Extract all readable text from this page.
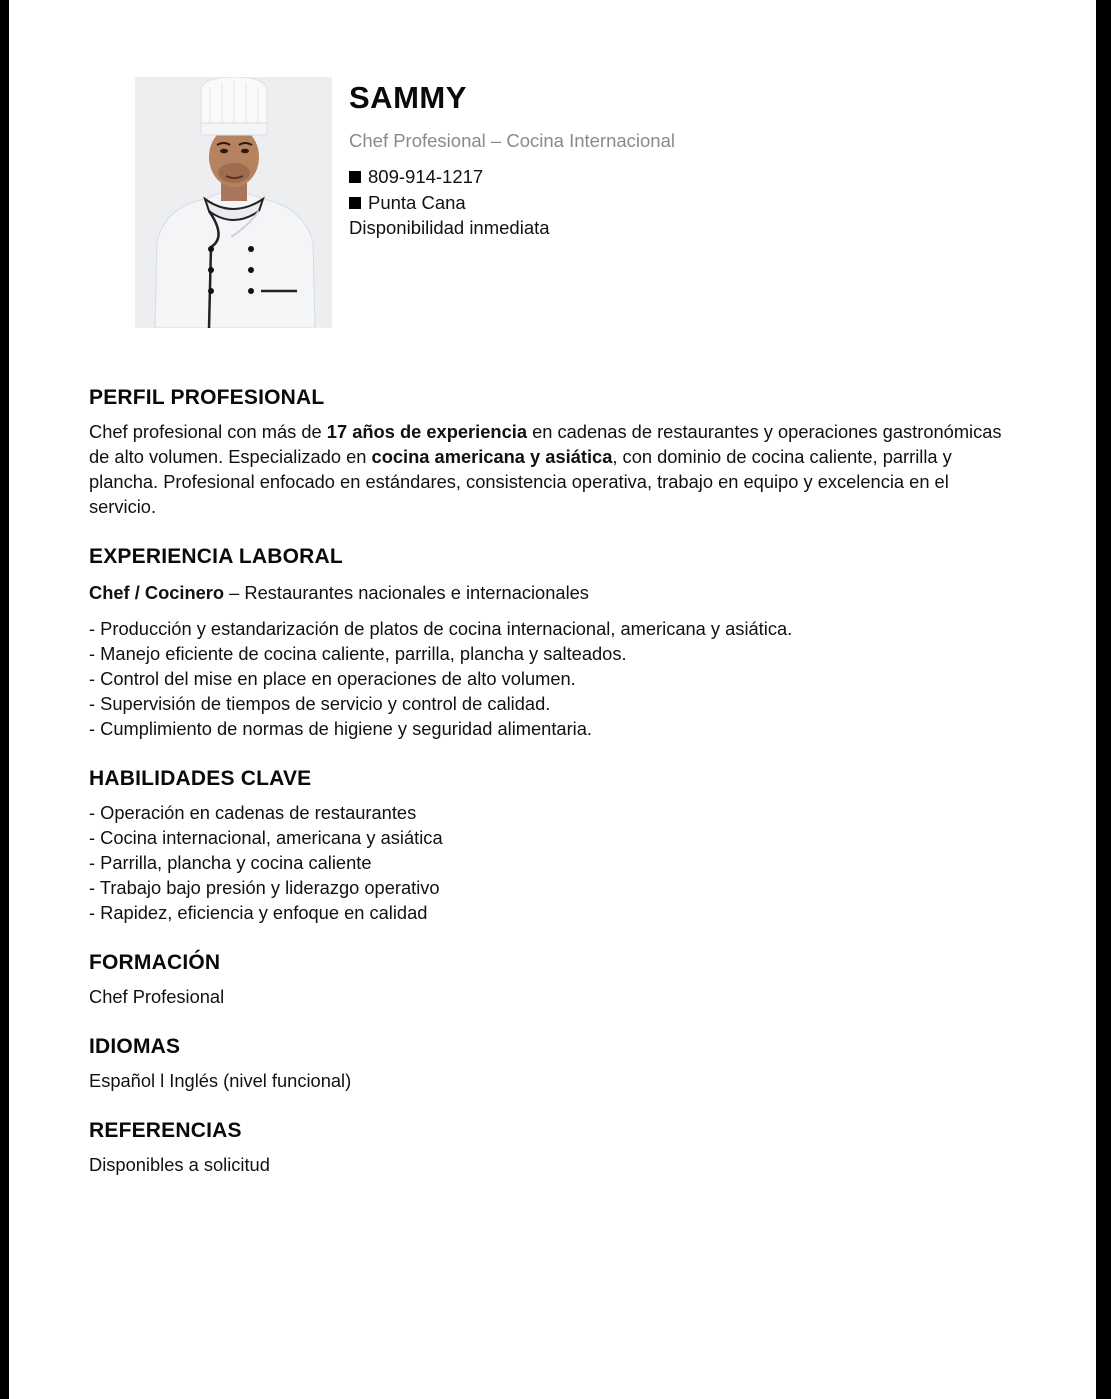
SAMMY
Chef Profesional – Cocina Internacional
809-914-1217
Punta Cana
Disponibilidad inmediata
PERFIL PROFESIONAL

Chef profesional con más de 17 años de experiencia en cadenas de restaurantes y operaciones gastronómicas de alto volumen. Especializado en cocina americana y asiática, con dominio de cocina caliente, parrilla y plancha. Profesional enfocado en estándares, consistencia operativa, trabajo en equipo y excelencia en el servicio.

EXPERIENCIA LABORAL

Chef / Cocinero – Restaurantes nacionales e internacionales

- Producción y estandarización de platos de cocina internacional, americana y asiática.
- Manejo eficiente de cocina caliente, parrilla, plancha y salteados.
- Control del mise en place en operaciones de alto volumen.
- Supervisión de tiempos de servicio y control de calidad.
- Cumplimiento de normas de higiene y seguridad alimentaria.
HABILIDADES CLAVE
- Operación en cadenas de restaurantes
- Cocina internacional, americana y asiática
- Parrilla, plancha y cocina caliente
- Trabajo bajo presión y liderazgo operativo
- Rapidez, eficiencia y enfoque en calidad
FORMACIÓN

Chef Profesional

IDIOMAS

Español l Inglés (nivel funcional)

REFERENCIAS

Disponibles a solicitud
